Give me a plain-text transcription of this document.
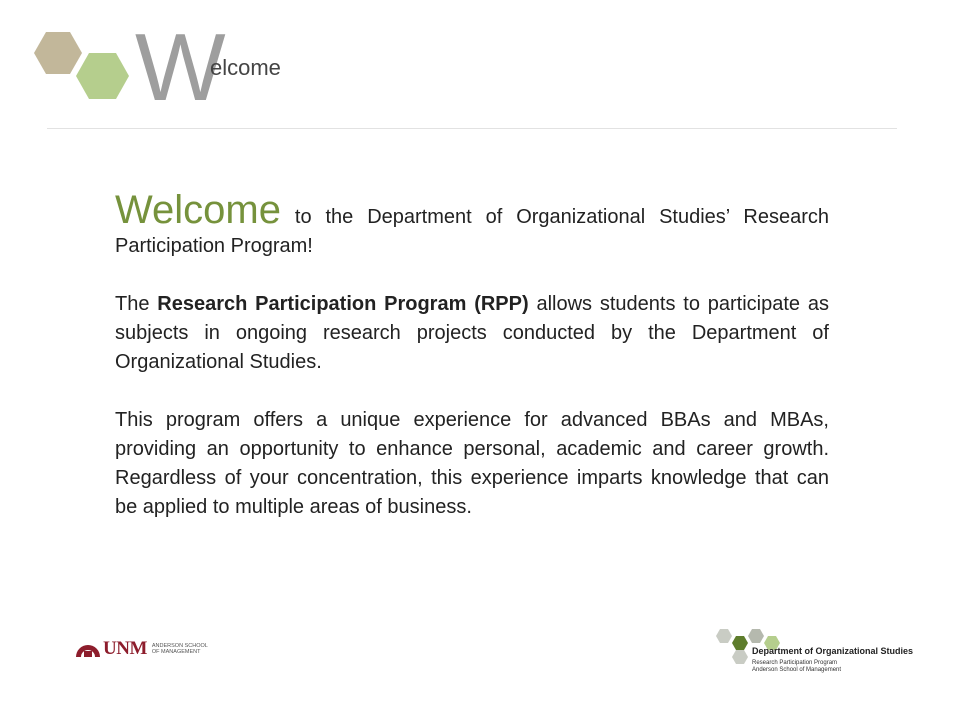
W
elcome

Welcome to the Department of Organizational Studies’ Research Participation Program!

The Research Participation Program (RPP) allows students to participate as subjects in ongoing research projects conducted by the Department of Organizational Studies.

This program offers a unique experience for advanced BBAs and MBAs, providing an opportunity to enhance personal, academic and career growth. Regardless of your concentration, this experience imparts knowledge that can be applied to multiple areas of business.

UNM ANDERSON SCHOOL
OF MANAGEMENT	Department of Organizational Studies
Research Participation Program
Anderson School of Management
